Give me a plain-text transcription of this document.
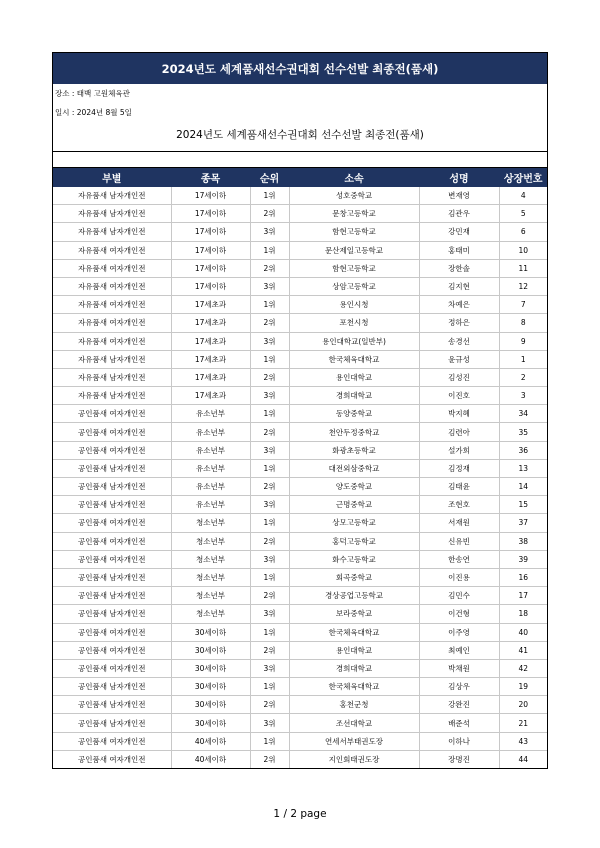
2024년도 세계품새선수권대회 선수선발 최종전(품새)
장소 : 태백 고원체육관
일시 : 2024년 8월 5일
2024년도 세계품새선수권대회 선수선발 최종전(품새)
부별	종목	순위	소속	성명	상장번호
자유품새 남자개인전	17세이하	1위	성호중학교	변재영	4
자유품새 남자개인전	17세이하	2위	문창고등학교	김관우	5
자유품새 남자개인전	17세이하	3위	함현고등학교	강민재	6
자유품새 여자개인전	17세이하	1위	문산제일고등학교	홍태미	10
자유품새 여자개인전	17세이하	2위	함현고등학교	장한솔	11
자유품새 여자개인전	17세이하	3위	상암고등학교	김지현	12
자유품새 여자개인전	17세초과	1위	용인시청	차예은	7
자유품새 여자개인전	17세초과	2위	포천시청	정하은	8
자유품새 여자개인전	17세초과	3위	용인대학교(일반부)	송경선	9
자유품새 남자개인전	17세초과	1위	한국체육대학교	윤규성	1
자유품새 남자개인전	17세초과	2위	용인대학교	김성진	2
자유품새 남자개인전	17세초과	3위	경희대학교	이진호	3
공인품새 여자개인전	유소년부	1위	동양중학교	박지혜	34
공인품새 여자개인전	유소년부	2위	천안두정중학교	김련아	35
공인품새 여자개인전	유소년부	3위	화광초등학교	설가희	36
공인품새 남자개인전	유소년부	1위	대전외삼중학교	김정재	13
공인품새 남자개인전	유소년부	2위	양도중학교	김태윤	14
공인품새 남자개인전	유소년부	3위	근명중학교	조현호	15
공인품새 여자개인전	청소년부	1위	상모고등학교	서재원	37
공인품새 여자개인전	청소년부	2위	홍덕고등학교	신유빈	38
공인품새 여자개인전	청소년부	3위	화수고등학교	한송연	39
공인품새 남자개인전	청소년부	1위	회곡중학교	이진용	16
공인품새 남자개인전	청소년부	2위	경상공업고등학교	김민수	17
공인품새 남자개인전	청소년부	3위	보라중학교	이건형	18
공인품새 여자개인전	30세이하	1위	한국체육대학교	이주영	40
공인품새 여자개인전	30세이하	2위	용인대학교	최예인	41
공인품새 여자개인전	30세이하	3위	경희대학교	박채원	42
공인품새 남자개인전	30세이하	1위	한국체육대학교	김상우	19
공인품새 남자개인전	30세이하	2위	홍천군청	강완진	20
공인품새 남자개인전	30세이하	3위	조선대학교	배준석	21
공인품새 여자개인전	40세이하	1위	연세서부태권도장	이하나	43
공인품새 여자개인전	40세이하	2위	지인회태권도장	장명진	44
1 / 2 page
